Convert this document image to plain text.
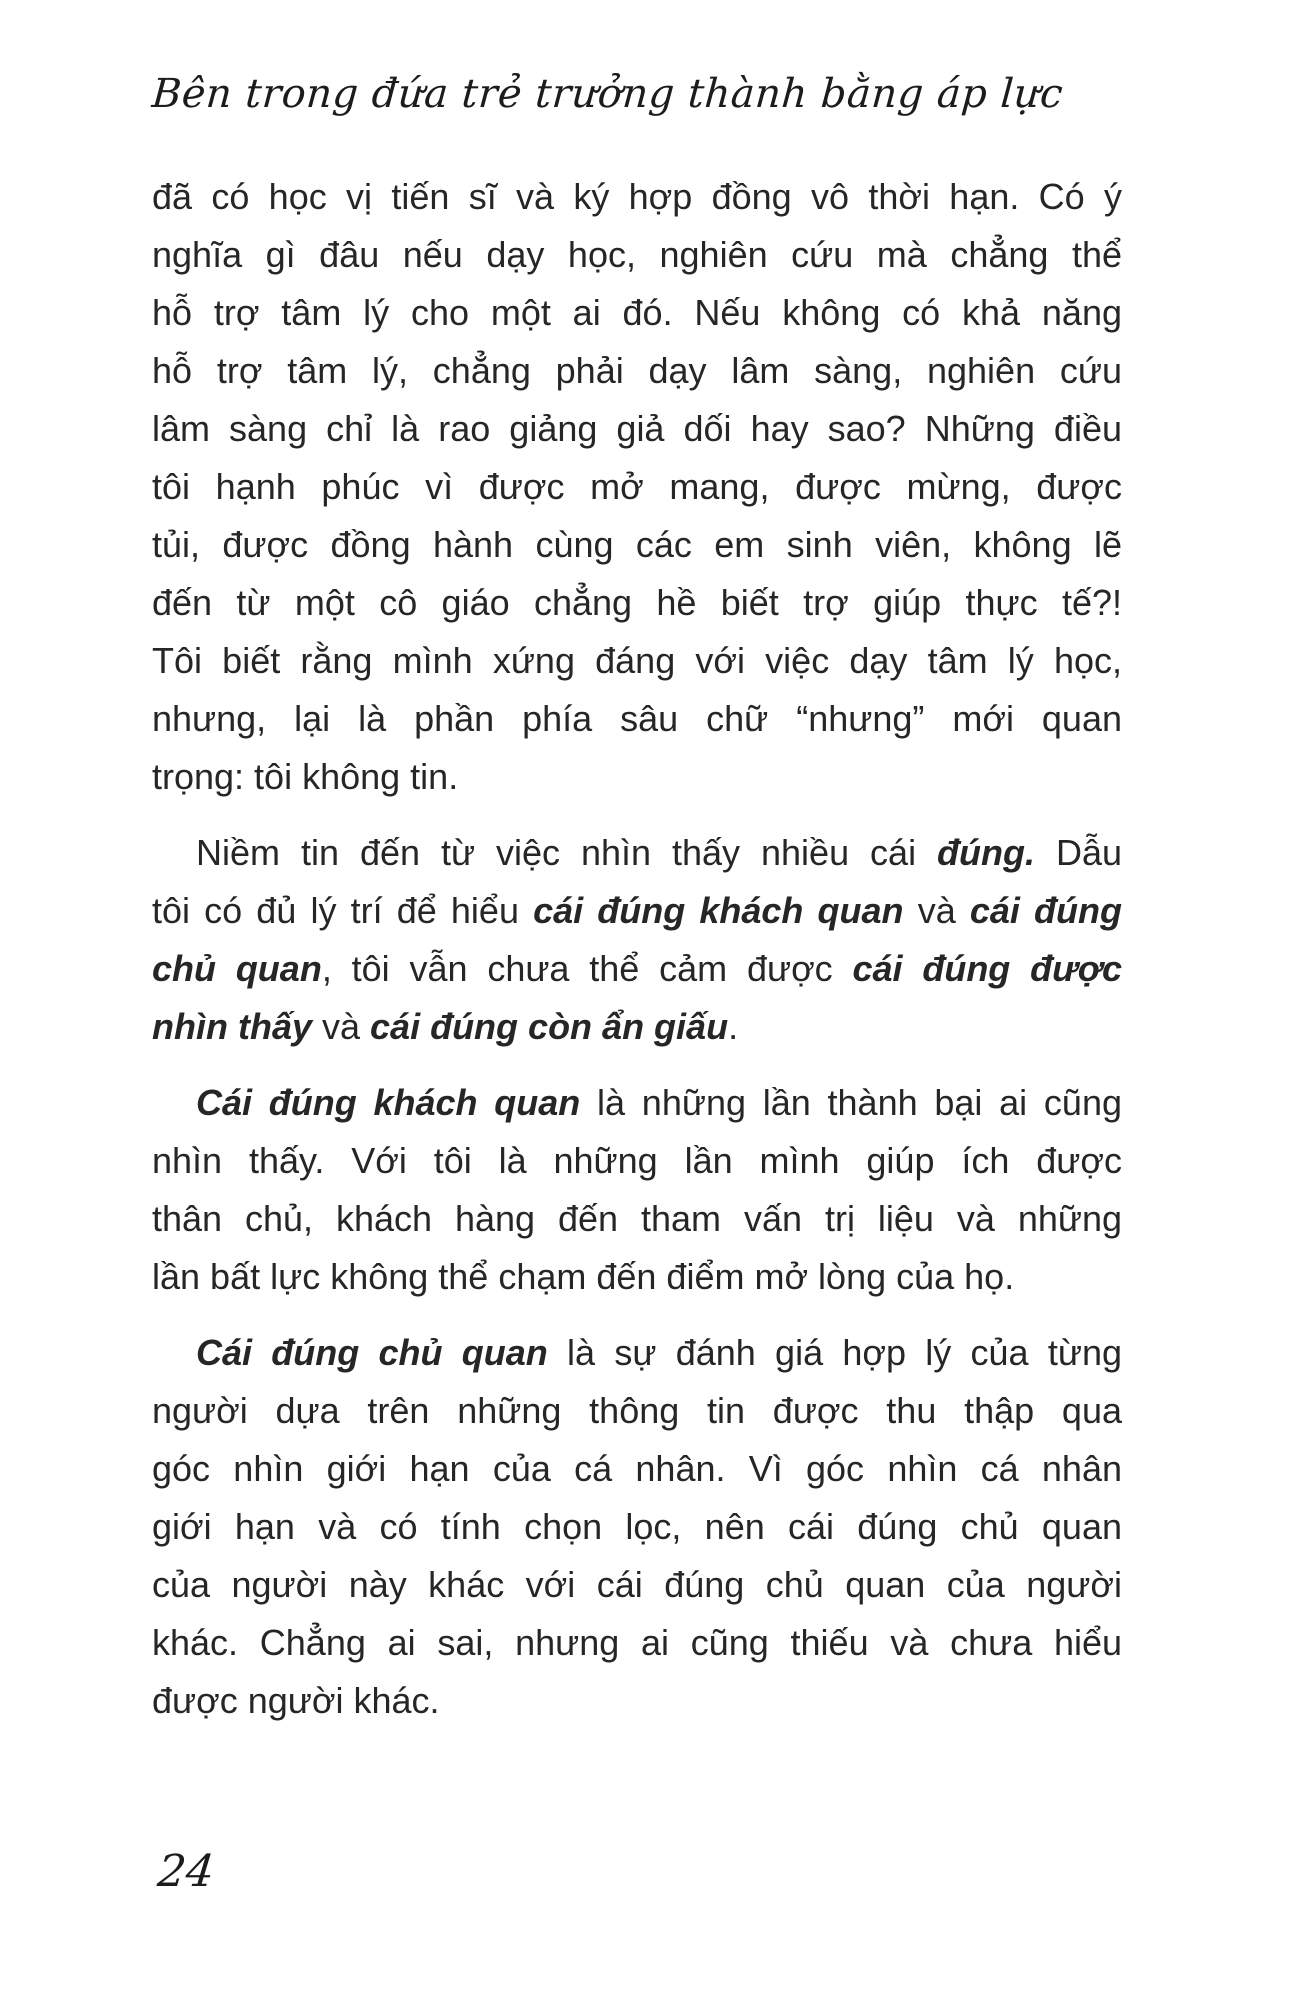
Bên trong đứa trẻ trưởng thành bằng áp lực
đã có học vị tiến sĩ và ký hợp đồng vô thời hạn. Có ý
nghĩa gì đâu nếu dạy học, nghiên cứu mà chẳng thể
hỗ trợ tâm lý cho một ai đó. Nếu không có khả năng
hỗ trợ tâm lý, chẳng phải dạy lâm sàng, nghiên cứu
lâm sàng chỉ là rao giảng giả dối hay sao? Những điều
tôi hạnh phúc vì được mở mang, được mừng, được
tủi, được đồng hành cùng các em sinh viên, không lẽ
đến từ một cô giáo chẳng hề biết trợ giúp thực tế?!
Tôi biết rằng mình xứng đáng với việc dạy tâm lý học,
nhưng, lại là phần phía sâu chữ “nhưng” mới quan
trọng: tôi không tin.
Niềm tin đến từ việc nhìn thấy nhiều cái đúng. Dẫu
tôi có đủ lý trí để hiểu cái đúng khách quan và cái đúng
chủ quan, tôi vẫn chưa thể cảm được cái đúng được
nhìn thấy và cái đúng còn ẩn giấu.
Cái đúng khách quan là những lần thành bại ai cũng
nhìn thấy. Với tôi là những lần mình giúp ích được
thân chủ, khách hàng đến tham vấn trị liệu và những
lần bất lực không thể chạm đến điểm mở lòng của họ.
Cái đúng chủ quan là sự đánh giá hợp lý của từng
người dựa trên những thông tin được thu thập qua
góc nhìn giới hạn của cá nhân. Vì góc nhìn cá nhân
giới hạn và có tính chọn lọc, nên cái đúng chủ quan
của người này khác với cái đúng chủ quan của người
khác. Chẳng ai sai, nhưng ai cũng thiếu và chưa hiểu
được người khác.
24
